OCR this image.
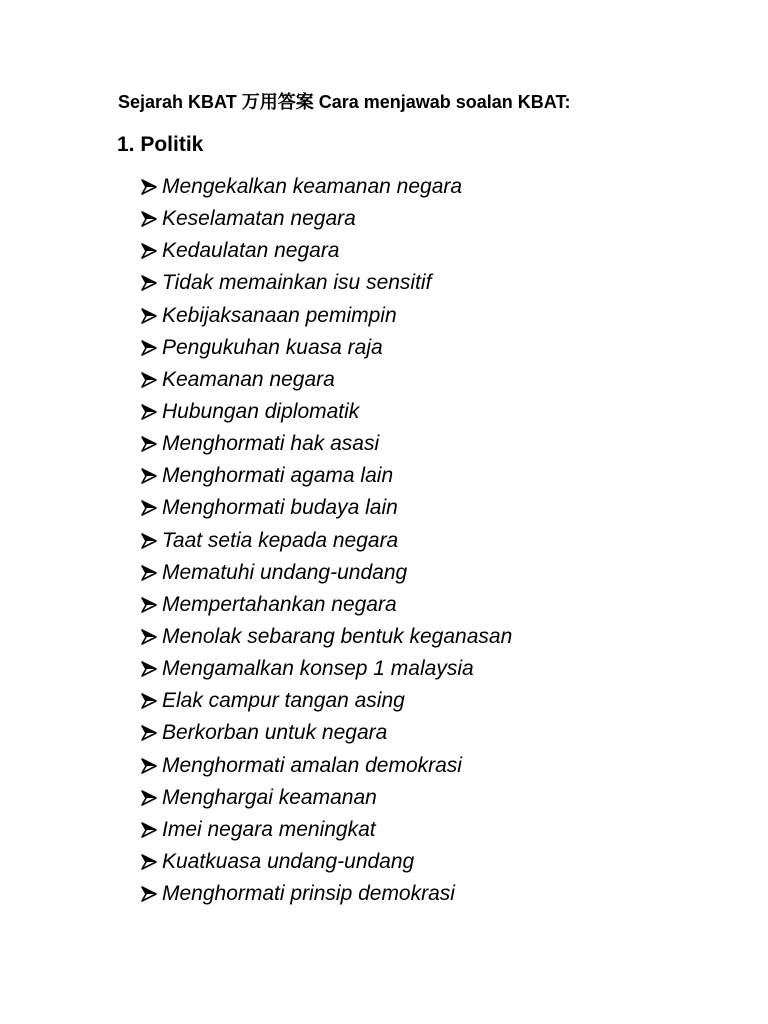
Sejarah KBAT 万用答案 Cara menjawab soalan KBAT:
1. Politik
Mengekalkan keamanan negara
Keselamatan negara
Kedaulatan negara
Tidak memainkan isu sensitif
Kebijaksanaan pemimpin
Pengukuhan kuasa raja
Keamanan negara
Hubungan diplomatik
Menghormati hak asasi
Menghormati agama lain
Menghormati budaya lain
Taat setia kepada negara
Mematuhi undang-undang
Mempertahankan negara
Menolak sebarang bentuk keganasan
Mengamalkan konsep 1 malaysia
Elak campur tangan asing
Berkorban untuk negara
Menghormati amalan demokrasi
Menghargai keamanan
Imei negara meningkat
Kuatkuasa undang-undang
Menghormati prinsip demokrasi
